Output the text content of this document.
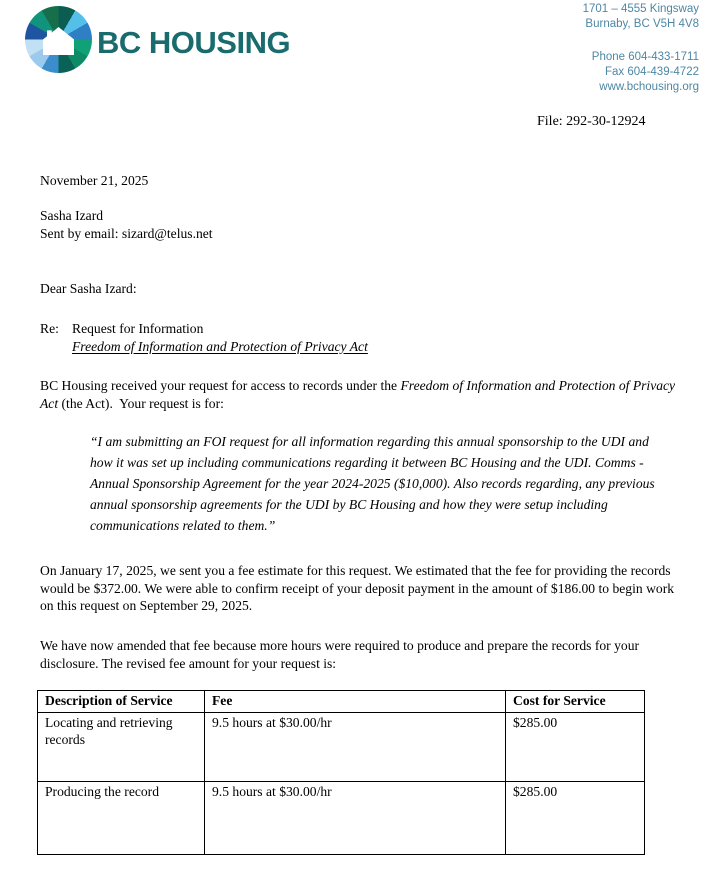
BC HOUSING
1701 – 4555 Kingsway
Burnaby, BC V5H 4V8
Phone 604-433-1711
Fax 604-439-4722
www.bchousing.org
File: 292-30-12924
November 21, 2025
Sasha Izard
Sent by email: sizard@telus.net
Dear Sasha Izard:
Re: Request for Information
Freedom of Information and Protection of Privacy Act
BC Housing received your request for access to records under the Freedom of Information and Protection of Privacy Act (the Act).  Your request is for:
“I am submitting an FOI request for all information regarding this annual sponsorship to the UDI and how it was set up including communications regarding it between BC Housing and the UDI. Comms - Annual Sponsorship Agreement for the year 2024-2025 ($10,000). Also records regarding, any previous annual sponsorship agreements for the UDI by BC Housing and how they were setup including communications related to them.”
On January 17, 2025, we sent you a fee estimate for this request. We estimated that the fee for providing the records would be $372.00. We were able to confirm receipt of your deposit payment in the amount of $186.00 to begin work on this request on September 29, 2025.
We have now amended that fee because more hours were required to produce and prepare the records for your disclosure. The revised fee amount for your request is:
Description of Service	Fee	Cost for Service
Locating and retrieving records	9.5 hours at $30.00/hr	$285.00
Producing the record	9.5 hours at $30.00/hr	$285.00
